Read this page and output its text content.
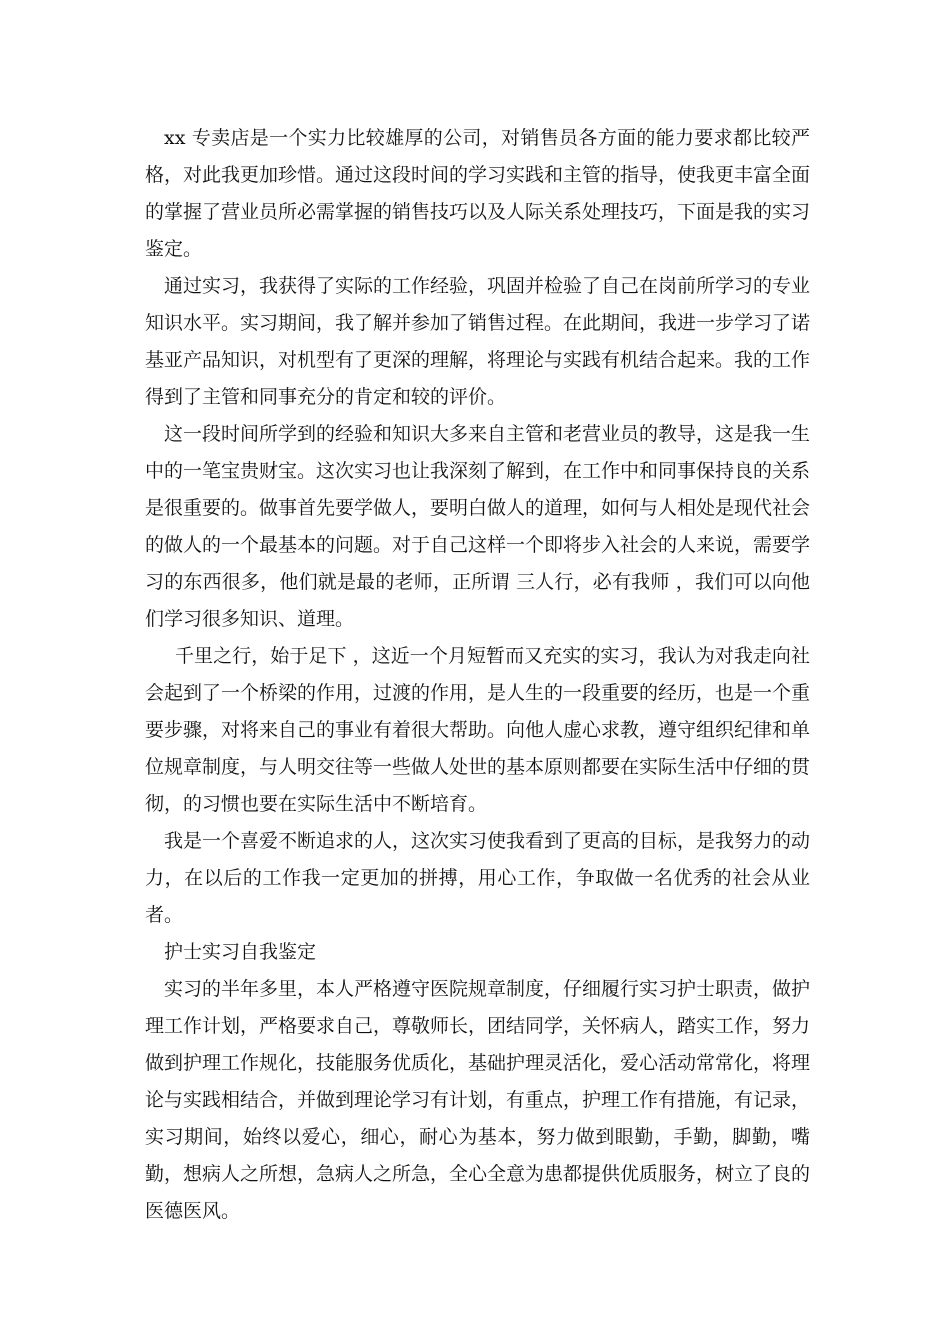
xx 专卖店是一个实力比较雄厚的公司，对销售员各方面的能力要求都比较严格，对此我更加珍惜。通过这段时间的学习实践和主管的指导，使我更丰富全面的掌握了营业员所必需掌握的销售技巧以及人际关系处理技巧，下面是我的实习鉴定。

通过实习，我获得了实际的工作经验，巩固并检验了自己在岗前所学习的专业知识水平。实习期间，我了解并参加了销售过程。在此期间，我进一步学习了诺基亚产品知识，对机型有了更深的理解，将理论与实践有机结合起来。我的工作得到了主管和同事充分的肯定和较的评价。

这一段时间所学到的经验和知识大多来自主管和老营业员的教导，这是我一生中的一笔宝贵财宝。这次实习也让我深刻了解到，在工作中和同事保持良的关系是很重要的。做事首先要学做人，要明白做人的道理，如何与人相处是现代社会的做人的一个最基本的问题。对于自己这样一个即将步入社会的人来说，需要学习的东西很多，他们就是最的老师，正所谓 三人行，必有我师 ，我们可以向他们学习很多知识、道理。

千里之行，始于足下 ，这近一个月短暂而又充实的实习，我认为对我走向社会起到了一个桥梁的作用，过渡的作用，是人生的一段重要的经历，也是一个重要步骤，对将来自己的事业有着很大帮助。向他人虚心求教，遵守组织纪律和单位规章制度，与人明交往等一些做人处世的基本原则都要在实际生活中仔细的贯彻，的习惯也要在实际生活中不断培育。

我是一个喜爱不断追求的人，这次实习使我看到了更高的目标，是我努力的动力，在以后的工作我一定更加的拼搏，用心工作，争取做一名优秀的社会从业者。

护士实习自我鉴定

实习的半年多里，本人严格遵守医院规章制度，仔细履行实习护士职责，做护理工作计划，严格要求自己，尊敬师长，团结同学，关怀病人，踏实工作，努力做到护理工作规化，技能服务优质化，基础护理灵活化，爱心活动常常化，将理论与实践相结合，并做到理论学习有计划，有重点，护理工作有措施，有记录，实习期间，始终以爱心，细心，耐心为基本，努力做到眼勤，手勤，脚勤，嘴勤，想病人之所想，急病人之所急，全心全意为患都提供优质服务，树立了良的医德医风。
